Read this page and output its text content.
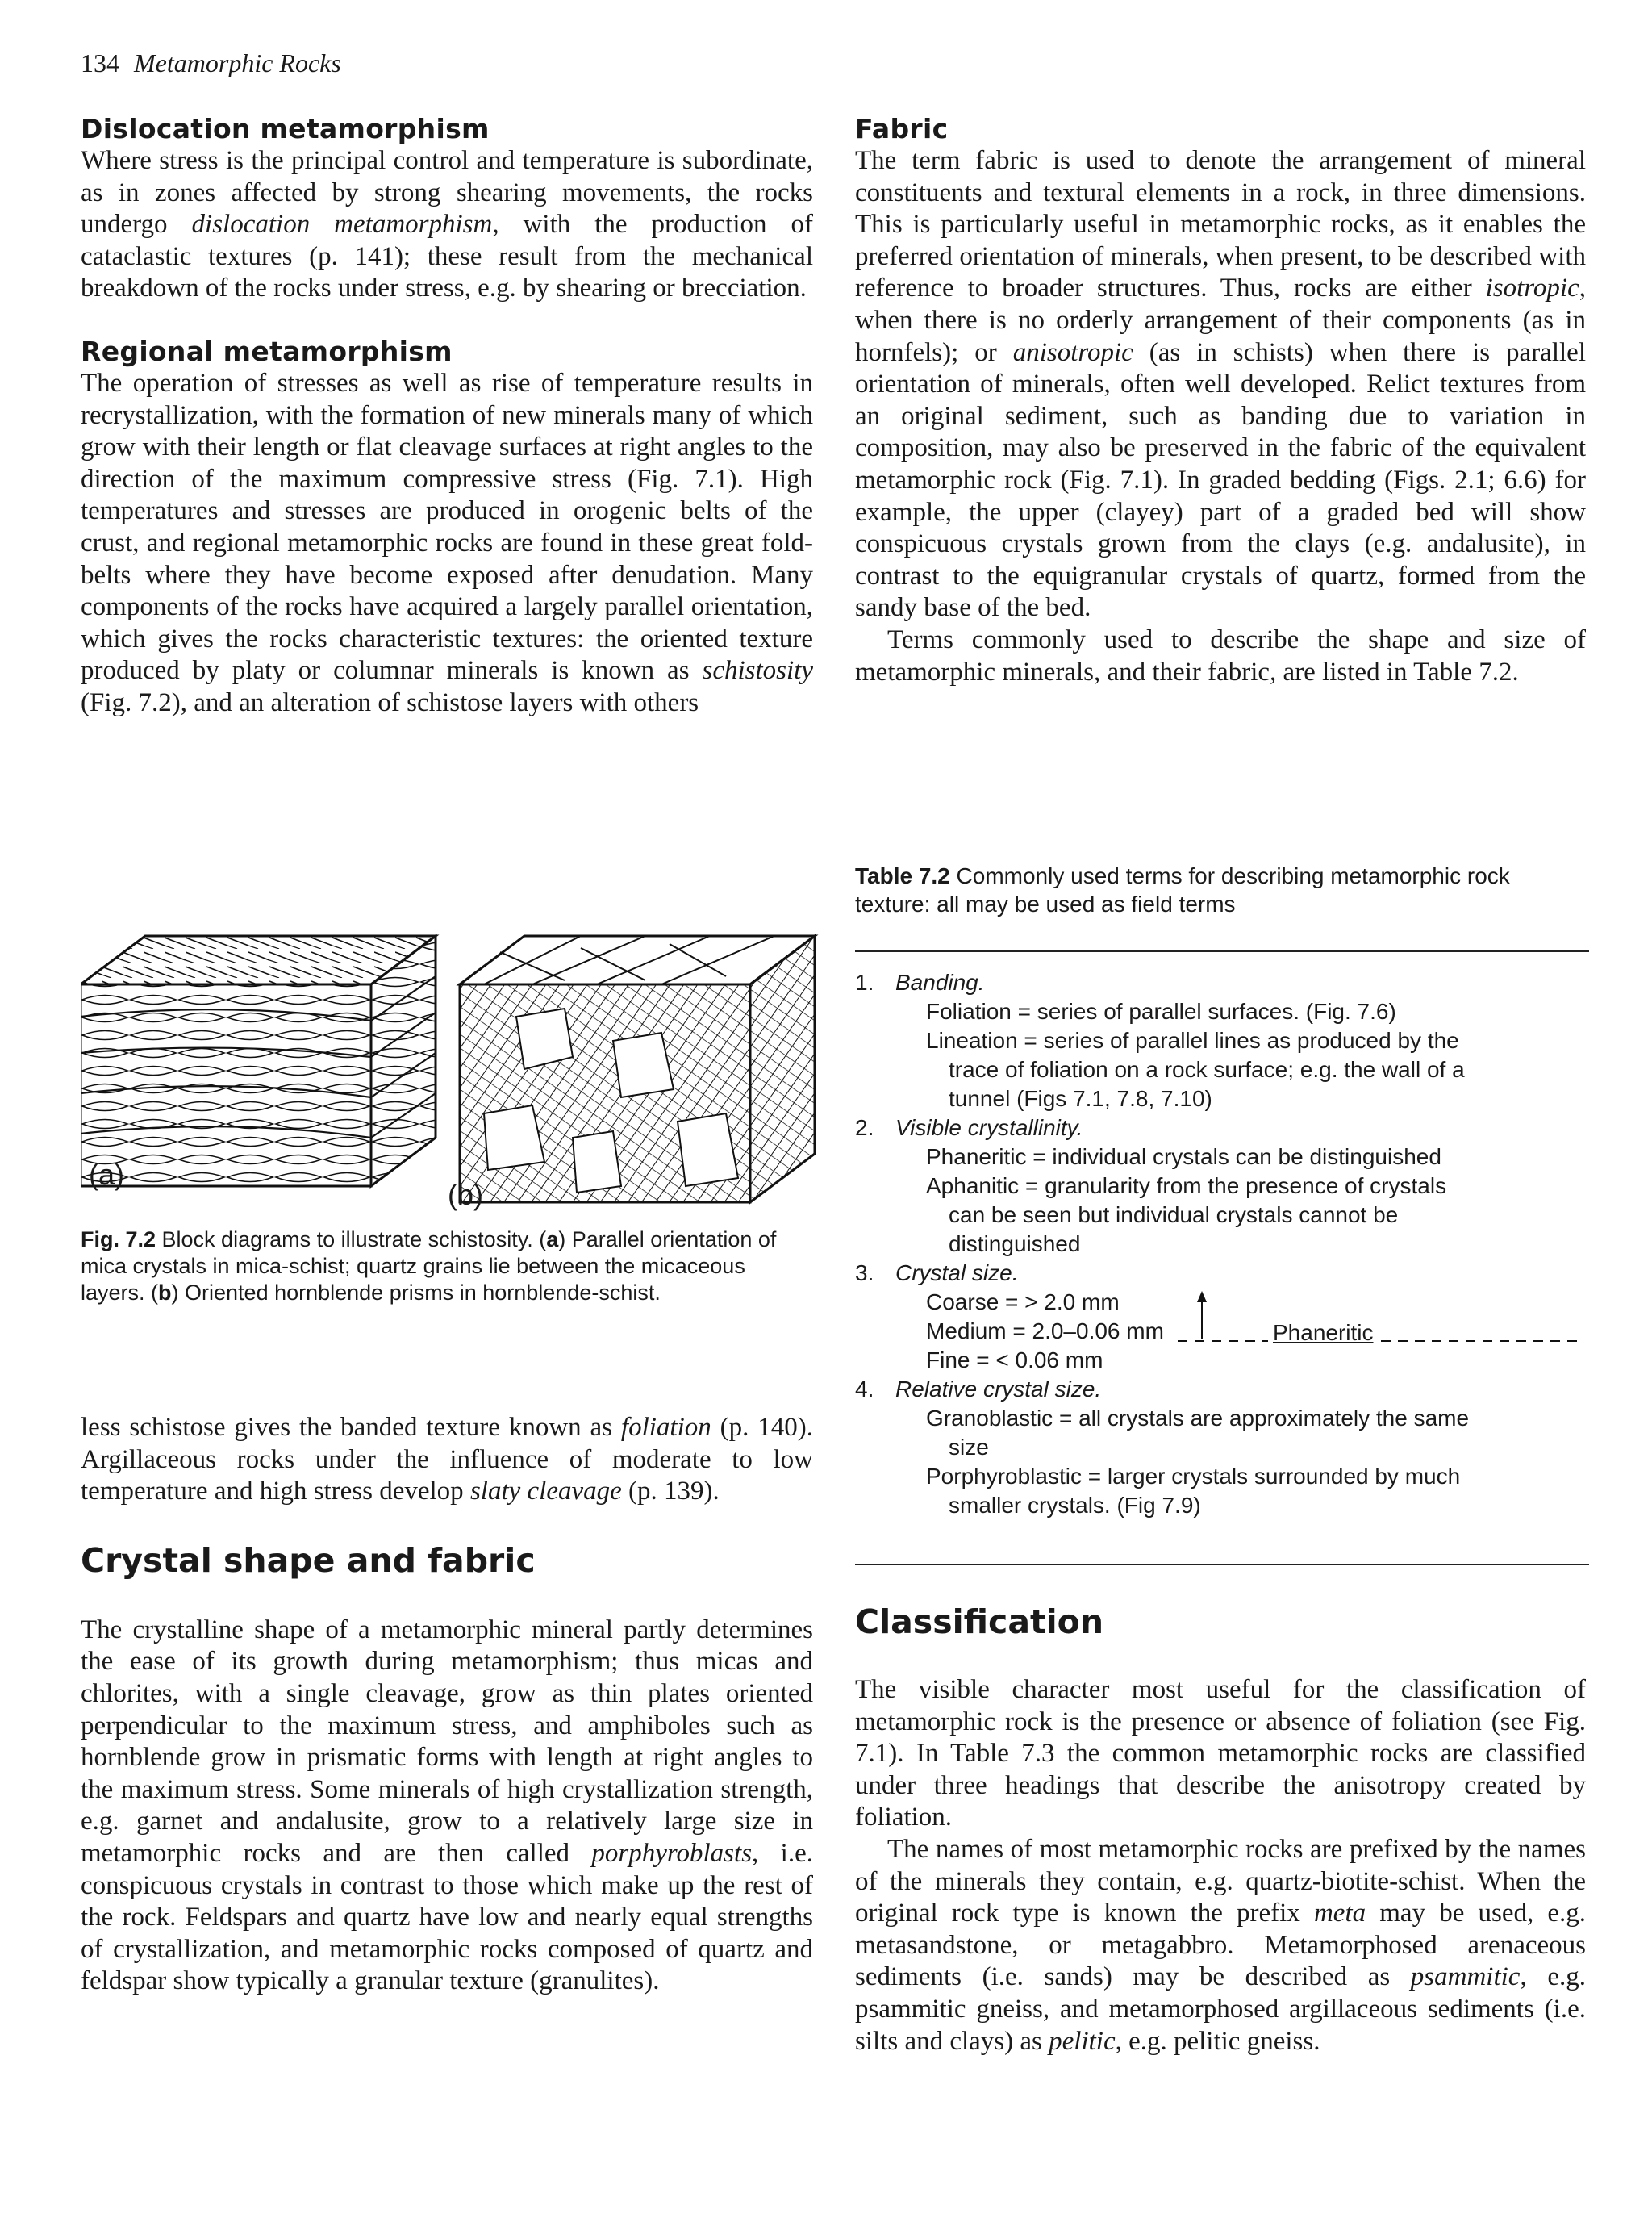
134 Metamorphic Rocks
Dislocation metamorphism

Where stress is the principal control and temperature is subordinate, as in zones affected by strong shearing movements, the rocks undergo dislocation metamorphism, with the production of cataclastic textures (p. 141); these result from the mechanical breakdown of the rocks under stress, e.g. by shearing or brecciation.

Regional metamorphism

The operation of stresses as well as rise of temperature results in recrystallization, with the formation of new minerals many of which grow with their length or flat cleavage surfaces at right angles to the direction of the maximum compressive stress (Fig. 7.1). High temperatures and stresses are produced in orogenic belts of the crust, and regional metamorphic rocks are found in these great fold-belts where they have become exposed after denudation. Many components of the rocks have acquired a largely parallel orientation, which gives the rocks characteristic textures: the oriented texture produced by platy or columnar minerals is known as schistosity (Fig. 7.2), and an alteration of schistose layers with others

(a)
(b)
Fig. 7.2 Block diagrams to illustrate schistosity. (a) Parallel orientation of mica crystals in mica-schist; quartz grains lie between the micaceous layers. (b) Oriented hornblende prisms in hornblende-schist.

less schistose gives the banded texture known as foliation (p. 140). Argillaceous rocks under the influence of moderate to low temperature and high stress develop slaty cleavage (p. 139).

Crystal shape and fabric

The crystalline shape of a metamorphic mineral partly determines the ease of its growth during metamorphism; thus micas and chlorites, with a single cleavage, grow as thin plates oriented perpendicular to the maximum stress, and amphiboles such as hornblende grow in prismatic forms with length at right angles to the maximum stress. Some minerals of high crystallization strength, e.g. garnet and andalusite, grow to a relatively large size in metamorphic rocks and are then called porphyroblasts, i.e. conspicuous crystals in contrast to those which make up the rest of the rock. Feldspars and quartz have low and nearly equal strengths of crystallization, and metamorphic rocks composed of quartz and feldspar show typically a granular texture (granulites).

Fabric

The term fabric is used to denote the arrangement of mineral constituents and textural elements in a rock, in three dimensions. This is particularly useful in metamorphic rocks, as it enables the preferred orientation of minerals, when present, to be described with reference to broader structures. Thus, rocks are either isotropic, when there is no orderly arrangement of their components (as in hornfels); or anisotropic (as in schists) when there is parallel orientation of minerals, often well developed. Relict textures from an original sediment, such as banding due to variation in composition, may also be preserved in the fabric of the equivalent metamorphic rock (Fig. 7.1). In graded bedding (Figs. 2.1; 6.6) for example, the upper (clayey) part of a graded bed will show conspicuous crystals grown from the clays (e.g. andalusite), in contrast to the equigranular crystals of quartz, formed from the sandy base of the bed.

Terms commonly used to describe the shape and size of metamorphic minerals, and their fabric, are listed in Table 7.2.

Table 7.2 Commonly used terms for describing metamorphic rock texture: all may be used as field terms
1. Banding.
Foliation = series of parallel surfaces. (Fig. 7.6)
Lineation = series of parallel lines as produced by the
trace of foliation on a rock surface; e.g. the wall of a
tunnel (Figs 7.1, 7.8, 7.10)
2. Visible crystallinity.
Phaneritic = individual crystals can be distinguished
Aphanitic = granularity from the presence of crystals
can be seen but individual crystals cannot be
distinguished
3. Crystal size.
Coarse = > 2.0 mm
Medium = 2.0–0.06 mm
Fine = < 0.06 mm
Phaneritic
4. Relative crystal size.
Granoblastic = all crystals are approximately the same
size
Porphyroblastic = larger crystals surrounded by much
smaller crystals. (Fig 7.9)
Classification

The visible character most useful for the classification of metamorphic rock is the presence or absence of foliation (see Fig. 7.1). In Table 7.3 the common metamorphic rocks are classified under three headings that describe the anisotropy created by foliation.

The names of most metamorphic rocks are prefixed by the names of the minerals they contain, e.g. quartz-biotite-schist. When the original rock type is known the prefix meta may be used, e.g. metasandstone, or metagabbro. Metamorphosed arenaceous sediments (i.e. sands) may be described as psammitic, e.g. psammitic gneiss, and metamorphosed argillaceous sediments (i.e. silts and clays) as pelitic, e.g. pelitic gneiss.
